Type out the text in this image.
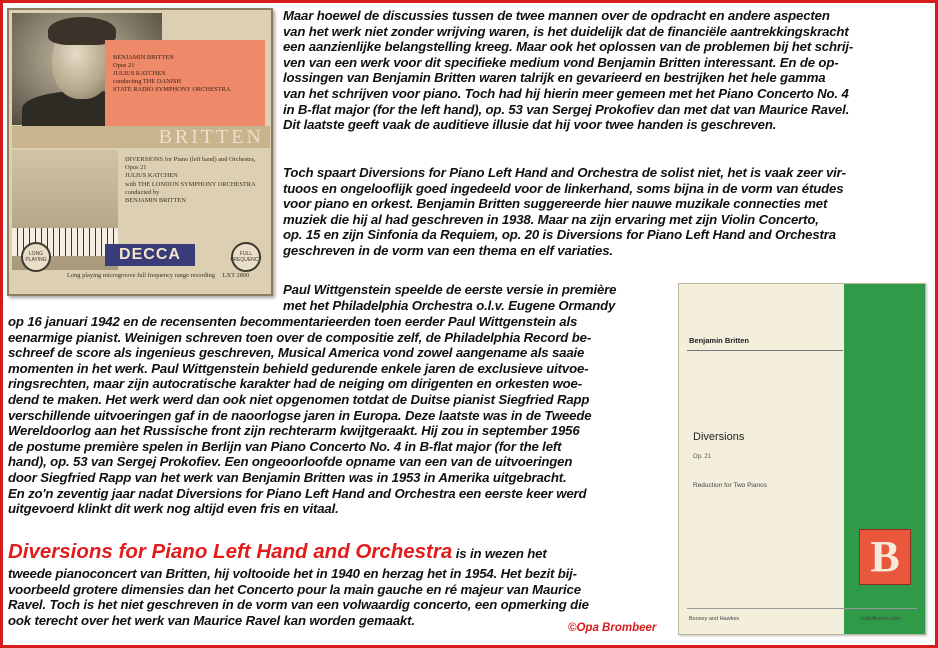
BENJAMIN BRITTEN
Opus 21
JULIUS KATCHEN
conducting THE DANISH
STATE RADIO SYMPHONY ORCHESTRA
BRITTEN
DIVERSIONS for Piano (left hand) and Orchestra, Opus 21
JULIUS KATCHEN
with THE LONDON SYMPHONY ORCHESTRA
conducted by
BENJAMIN BRITTEN
LONG PLAYING	DECCA	FULL FREQUENCY
Long playing microgroove full frequency range recording LXT 2800
Maar hoewel de discussies tussen de twee mannen over de opdracht en andere aspecten
van het werk niet zonder wrijving waren, is het duidelijk dat de financiële aantrekkingskracht
een aanzienlijke belangstelling kreeg. Maar ook het oplossen van de problemen bij het schrij-
ven van een werk voor dit specifieke medium vond Benjamin Britten interessant. En de op-
lossingen van Benjamin Britten waren talrijk en gevarieerd en bestrijken het hele gamma
van het schrijven voor piano. Toch had hij hierin meer gemeen met het Piano Concerto No. 4
in B-flat major (for the left hand), op. 53 van Sergej Prokofiev dan met dat van Maurice Ravel.
Dit laatste geeft vaak de auditieve illusie dat hij voor twee handen is geschreven.
Toch spaart Diversions for Piano Left Hand and Orchestra de solist niet, het is vaak zeer vir-
tuoos en ongelooflijk goed ingedeeld voor de linkerhand, soms bijna in de vorm van études
voor piano en orkest. Benjamin Britten suggereerde hier nauwe muzikale connecties met
muziek die hij al had geschreven in 1938. Maar na zijn ervaring met zijn Violin Concerto,
op. 15 en zijn Sinfonia da Requiem, op. 20 is Diversions for Piano Left Hand and Orchestra
geschreven in de vorm van een thema en elf variaties.
Paul Wittgenstein speelde de eerste versie in première
met het Philadelphia Orchestra o.l.v. Eugene Ormandy
op 16 januari 1942 en de recensenten becommentarieerden toen eerder Paul Wittgenstein als
eenarmige pianist. Weinigen schreven toen over de compositie zelf, de Philadelphia Record be-
schreef de score als ingenieus geschreven, Musical America vond zowel aangename als saaie
momenten in het werk. Paul Wittgenstein behield gedurende enkele jaren de exclusieve uitvoe-
ringsrechten, maar zijn autocratische karakter had de neiging om dirigenten en orkesten woe-
dend te maken. Het werk werd dan ook niet opgenomen totdat de Duitse pianist Siegfried Rapp
verschillende uitvoeringen gaf in de naoorlogse jaren in Europa. Deze laatste was in de Tweede
Wereldoorlog aan het Russische front zijn rechterarm kwijtgeraakt. Hij zou in september 1956
de postume première spelen in Berlijn van Piano Concerto No. 4 in B-flat major (for the left
hand), op. 53 van Sergej Prokofiev. Een ongeoorloofde opname van een van de uitvoeringen
door Siegfried Rapp van het werk van Benjamin Britten was in 1953 in Amerika uitgebracht.
En zo'n zeventig jaar nadat Diversions for Piano Left Hand and Orchestra een eerste keer werd
uitgevoerd klinkt dit werk nog altijd even fris en vitaal.
Diversions for Piano Left Hand and Orchestra is in wezen het
tweede pianoconcert van Britten, hij voltooide het in 1940 en herzag het in 1954. Het bezit bij-
voorbeeld grotere dimensies dan het Concerto pour la main gauche en ré majeur van Maurice
Ravel. Toch is het niet geschreven in de vorm van een volwaardig concerto, een opmerking die
ook terecht over het werk van Maurice Ravel kan worden gemaakt.
©Opa Brombeer
Benjamin Britten
Diversions
Op. 21
Reduction for Two Pianos
B
Boosey and Hawkes	hallofbooks.com
